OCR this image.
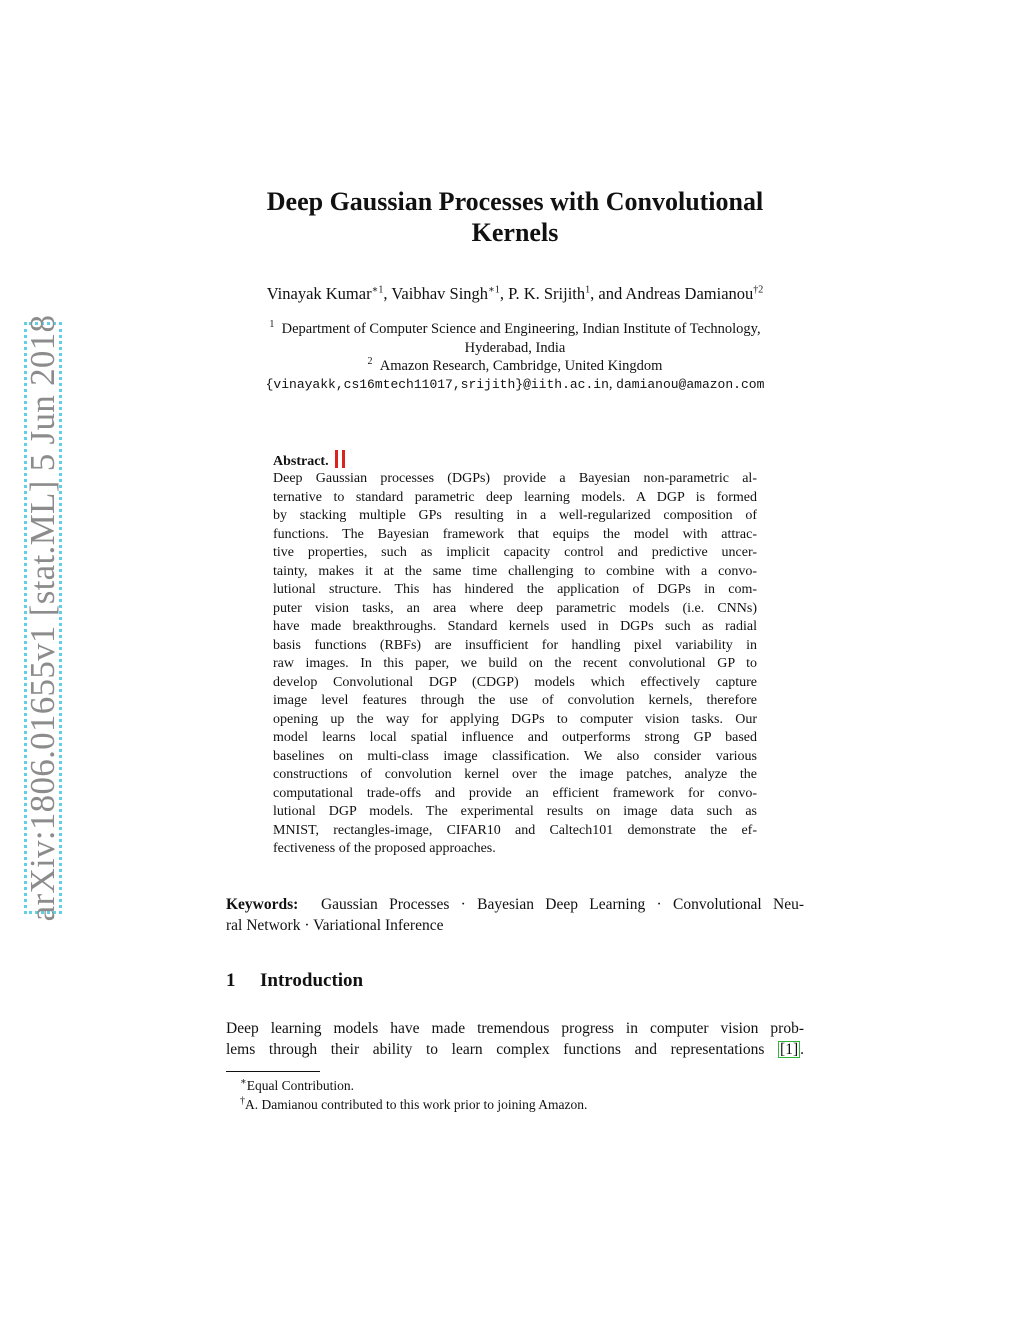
arXiv:1806.01655v1 [stat.ML] 5 Jun 2018
Deep Gaussian Processes with Convolutional
Kernels
Vinayak Kumar$^{∗1}$, Vaibhav Singh$^{∗1}$, P. K. Srijith$^1$, and Andreas Damianou$^{\dagger 2}$
$^1$ Department of Computer Science and Engineering, Indian Institute of Technology,
Hyderabad, India
$^2$ Amazon Research, Cambridge, United Kingdom
{vinayakk,cs16mtech11017,srijith}@iith.ac.in, damianou@amazon.com
Abstract.
Deep Gaussian processes (DGPs) provide a Bayesian non-parametric al-
ternative to standard parametric deep learning models. A DGP is formed
by stacking multiple GPs resulting in a well-regularized composition of
functions. The Bayesian framework that equips the model with attrac-
tive properties, such as implicit capacity control and predictive uncer-
tainty, makes it at the same time challenging to combine with a convo-
lutional structure. This has hindered the application of DGPs in com-
puter vision tasks, an area where deep parametric models (i.e. CNNs)
have made breakthroughs. Standard kernels used in DGPs such as radial
basis functions (RBFs) are insufficient for handling pixel variability in
raw images. In this paper, we build on the recent convolutional GP to
develop Convolutional DGP (CDGP) models which effectively capture
image level features through the use of convolution kernels, therefore
opening up the way for applying DGPs to computer vision tasks. Our
model learns local spatial influence and outperforms strong GP based
baselines on multi-class image classification. We also consider various
constructions of convolution kernel over the image patches, analyze the
computational trade-offs and provide an efficient framework for convo-
lutional DGP models. The experimental results on image data such as
MNIST, rectangles-image, CIFAR10 and Caltech101 demonstrate the ef-
fectiveness of the proposed approaches.
Keywords: Gaussian Processes · Bayesian Deep Learning · Convolutional Neu-
ral Network · Variational Inference
1 Introduction
Deep learning models have made tremendous progress in computer vision prob-
lems through their ability to learn complex functions and representations [1] .
∗Equal Contribution.
†A. Damianou contributed to this work prior to joining Amazon.
